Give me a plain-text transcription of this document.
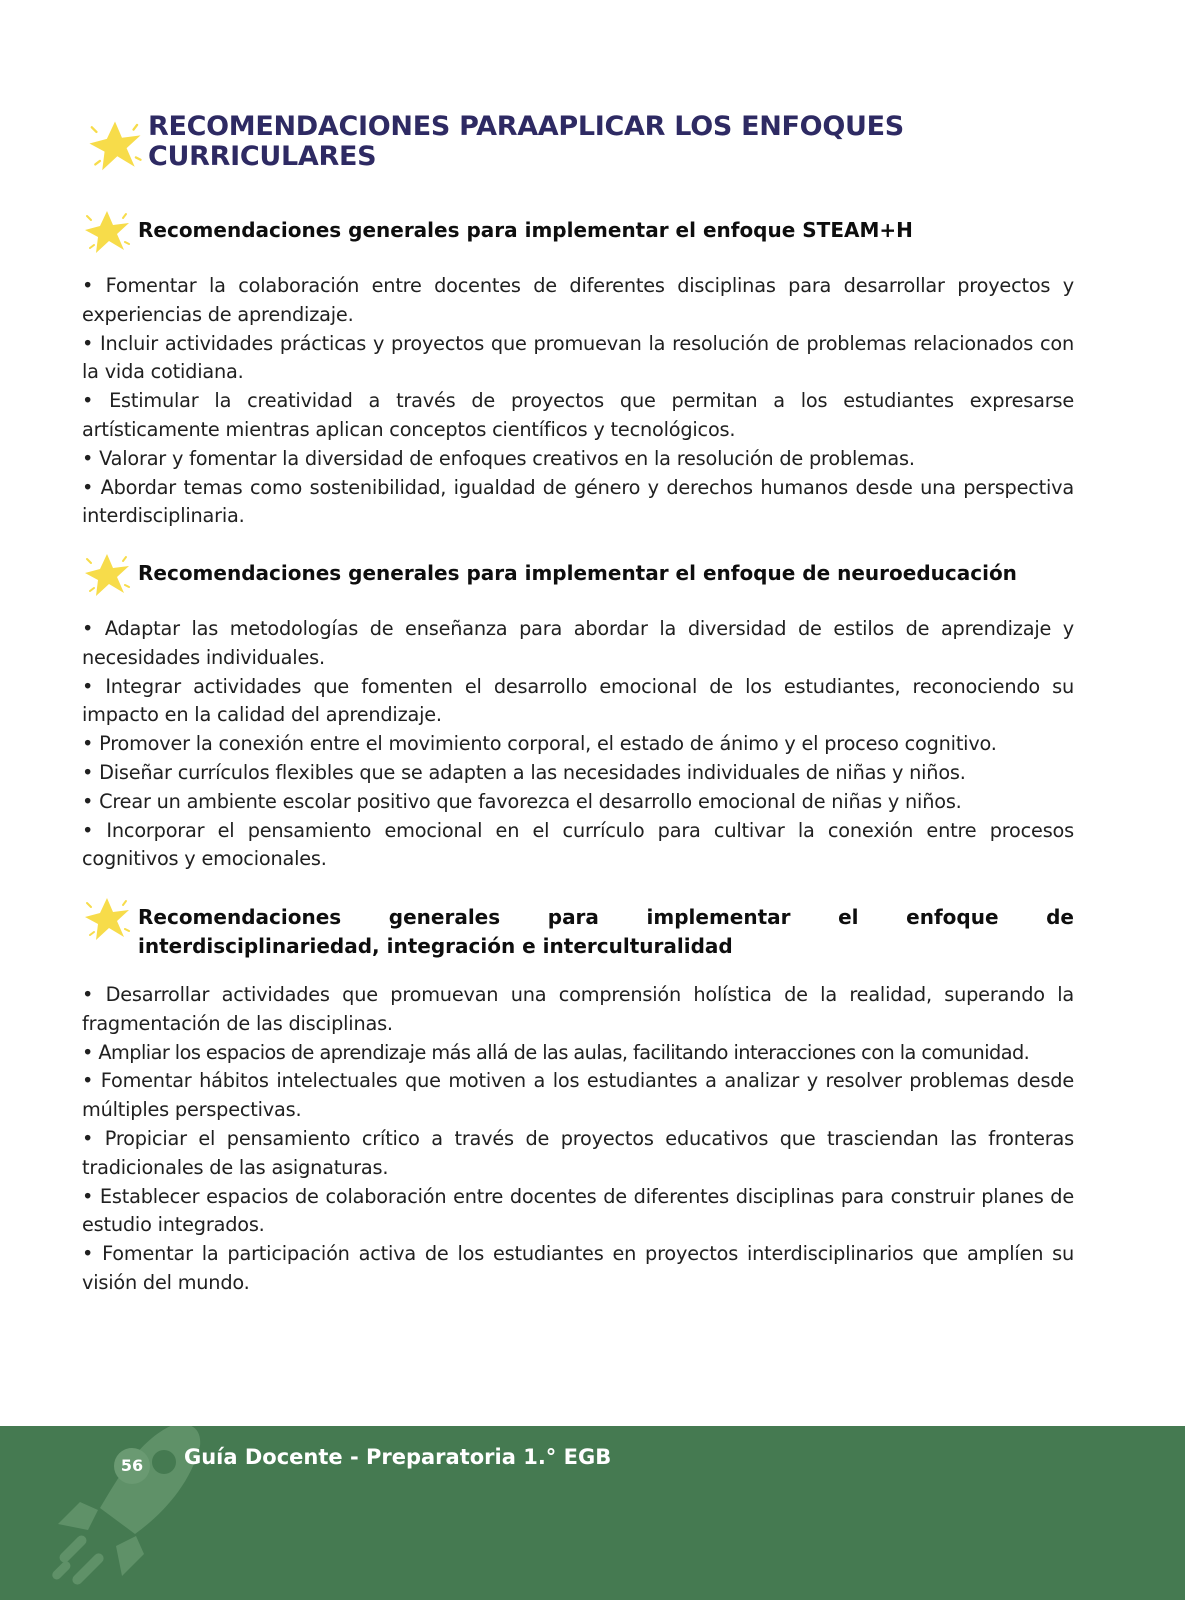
RECOMENDACIONES PARAAPLICAR LOS ENFOQUES
CURRICULARES
Recomendaciones generales para implementar el enfoque STEAM+H
• Fomentar la colaboración entre docentes de diferentes disciplinas para desarrollar proyectos y experiencias de aprendizaje.
• Incluir actividades prácticas y proyectos que promuevan la resolución de problemas relacionados con la vida cotidiana.
• Estimular la creatividad a través de proyectos que permitan a los estudiantes expresarse artísticamente mientras aplican conceptos científicos y tecnológicos.
• Valorar y fomentar la diversidad de enfoques creativos en la resolución de problemas.
• Abordar temas como sostenibilidad, igualdad de género y derechos humanos desde una perspectiva interdisciplinaria.
Recomendaciones generales para implementar el enfoque de neuroeducación
• Adaptar las metodologías de enseñanza para abordar la diversidad de estilos de aprendizaje y necesidades individuales.
• Integrar actividades que fomenten el desarrollo emocional de los estudiantes, reconociendo su impacto en la calidad del aprendizaje.
• Promover la conexión entre el movimiento corporal, el estado de ánimo y el proceso cognitivo.
• Diseñar currículos flexibles que se adapten a las necesidades individuales de niñas y niños.
• Crear un ambiente escolar positivo que favorezca el desarrollo emocional de niñas y niños.
• Incorporar el pensamiento emocional en el currículo para cultivar la conexión entre procesos cognitivos y emocionales.
Recomendaciones generales para implementar el enfoque de interdisciplinariedad, integración e interculturalidad
• Desarrollar actividades que promuevan una comprensión holística de la realidad, superando la fragmentación de las disciplinas.
• Ampliar los espacios de aprendizaje más allá de las aulas, facilitando interacciones con la comunidad.
• Fomentar hábitos intelectuales que motiven a los estudiantes a analizar y resolver problemas desde múltiples perspectivas.
• Propiciar el pensamiento crítico a través de proyectos educativos que trasciendan las fronteras tradicionales de las asignaturas.
• Establecer espacios de colaboración entre docentes de diferentes disciplinas para construir planes de estudio integrados.
• Fomentar la participación activa de los estudiantes en proyectos interdisciplinarios que amplíen su visión del mundo.
56	Guía Docente - Preparatoria 1.° EGB
